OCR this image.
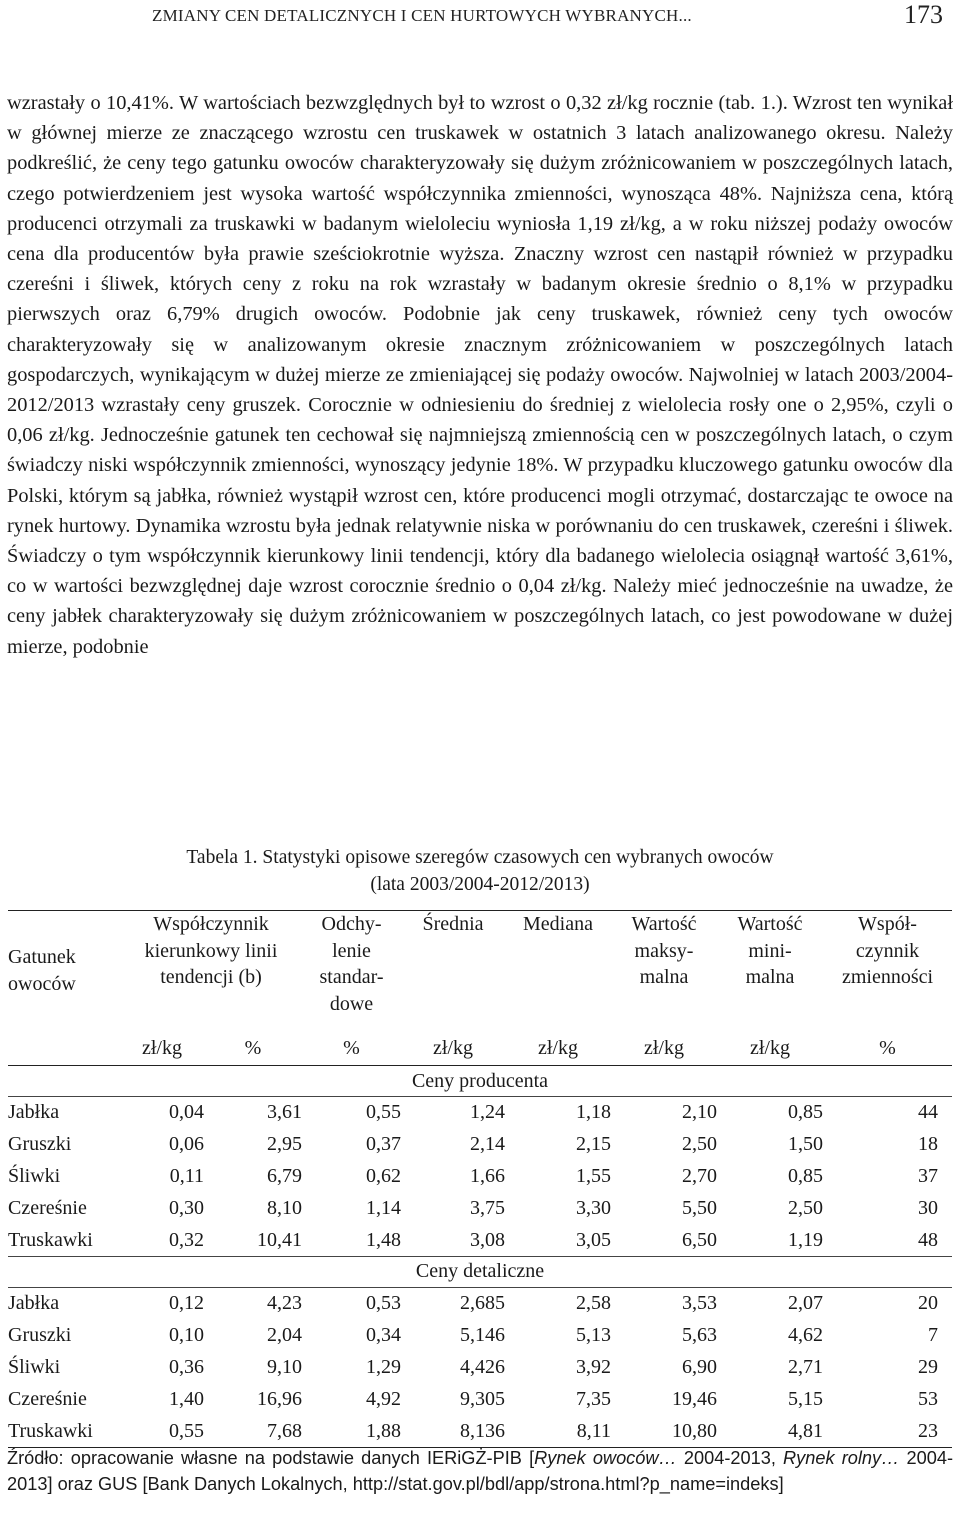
ZMIANY CEN DETALICZNYCH I CEN HURTOWYCH WYBRANYCH...	173

wzrastały o 10,41%. W wartościach bezwzględnych był to wzrost o 0,32 zł/kg rocznie (tab. 1.). Wzrost ten wynikał w głównej mierze ze znaczącego wzrostu cen truskawek w ostatnich 3 latach analizowanego okresu. Należy podkreślić, że ceny tego gatunku owoców charakteryzowały się dużym zróżnicowaniem w poszczególnych latach, czego potwierdzeniem jest wysoka wartość współczynnika zmienności, wynosząca 48%. Najniższa cena, którą producenci otrzymali za truskawki w badanym wieloleciu wyniosła 1,19 zł/kg, a w roku niższej podaży owoców cena dla producentów była prawie sześciokrotnie wyższa. Znaczny wzrost cen nastąpił również w przypadku czereśni i śliwek, których ceny z roku na rok wzrastały w badanym okresie średnio o 8,1% w przypadku pierwszych oraz 6,79% drugich owoców. Podobnie jak ceny truskawek, również ceny tych owoców charakteryzowały się w analizowanym okresie znacznym zróżnicowaniem w poszczególnych latach gospodarczych, wynikającym w dużej mierze ze zmieniającej się podaży owoców. Najwolniej w latach 2003/2004-2012/2013 wzrastały ceny gruszek. Corocznie w odniesieniu do średniej z wielolecia rosły one o 2,95%, czyli o 0,06 zł/kg. Jednocześnie gatunek ten cechował się najmniejszą zmiennością cen w poszczególnych latach, o czym świadczy niski współczynnik zmienności, wynoszący jedynie 18%. W przypadku kluczowego gatunku owoców dla Polski, którym są jabłka, również wystąpił wzrost cen, które producenci mogli otrzymać, dostarczając te owoce na rynek hurtowy. Dynamika wzrostu była jednak relatywnie niska w porównaniu do cen truskawek, czereśni i śliwek. Świadczy o tym współczynnik kierunkowy linii tendencji, który dla badanego wielolecia osiągnął wartość 3,61%, co w wartości bezwzględnej daje wzrost corocznie średnio o 0,04 zł/kg. Należy mieć jednocześnie na uwadze, że ceny jabłek charakteryzowały się dużym zróżnicowaniem w poszczególnych latach, co jest powodowane w dużej mierze, podobnie

Tabela 1. Statystyki opisowe szeregów czasowych cen wybranych owoców

(lata 2003/2004-2012/2013)

Gatunek owoców	Współczynnik kierunkowy linii tendencji (b)		Odchy-lenie standar-dowe	Średnia	Mediana	Wartość maksy-malna	Wartość mini-malna	Współ-czynnik zmienności

	zł/kg	%	%	zł/kg	zł/kg	zł/kg	zł/kg	%
Ceny producenta								
Jabłka	0,04	3,61	0,55	1,24	1,18	2,10	0,85	44
Gruszki	0,06	2,95	0,37	2,14	2,15	2,50	1,50	18
Śliwki	0,11	6,79	0,62	1,66	1,55	2,70	0,85	37
Czereśnie	0,30	8,10	1,14	3,75	3,30	5,50	2,50	30
Truskawki	0,32	10,41	1,48	3,08	3,05	6,50	1,19	48
Ceny detaliczne								
Jabłka	0,12	4,23	0,53	2,685	2,58	3,53	2,07	20
Gruszki	0,10	2,04	0,34	5,146	5,13	5,63	4,62	7
Śliwki	0,36	9,10	1,29	4,426	3,92	6,90	2,71	29
Czereśnie	1,40	16,96	4,92	9,305	7,35	19,46	5,15	53
Truskawki	0,55	7,68	1,88	8,136	8,11	10,80	4,81	23

Źródło: opracowanie własne na podstawie danych IERiGŻ-PIB [Rynek owoców… 2004-2013, Rynek rolny… 2004-2013] oraz GUS [Bank Danych Lokalnych, http://stat.gov.pl/bdl/app/strona.html?p_name=indeks]
